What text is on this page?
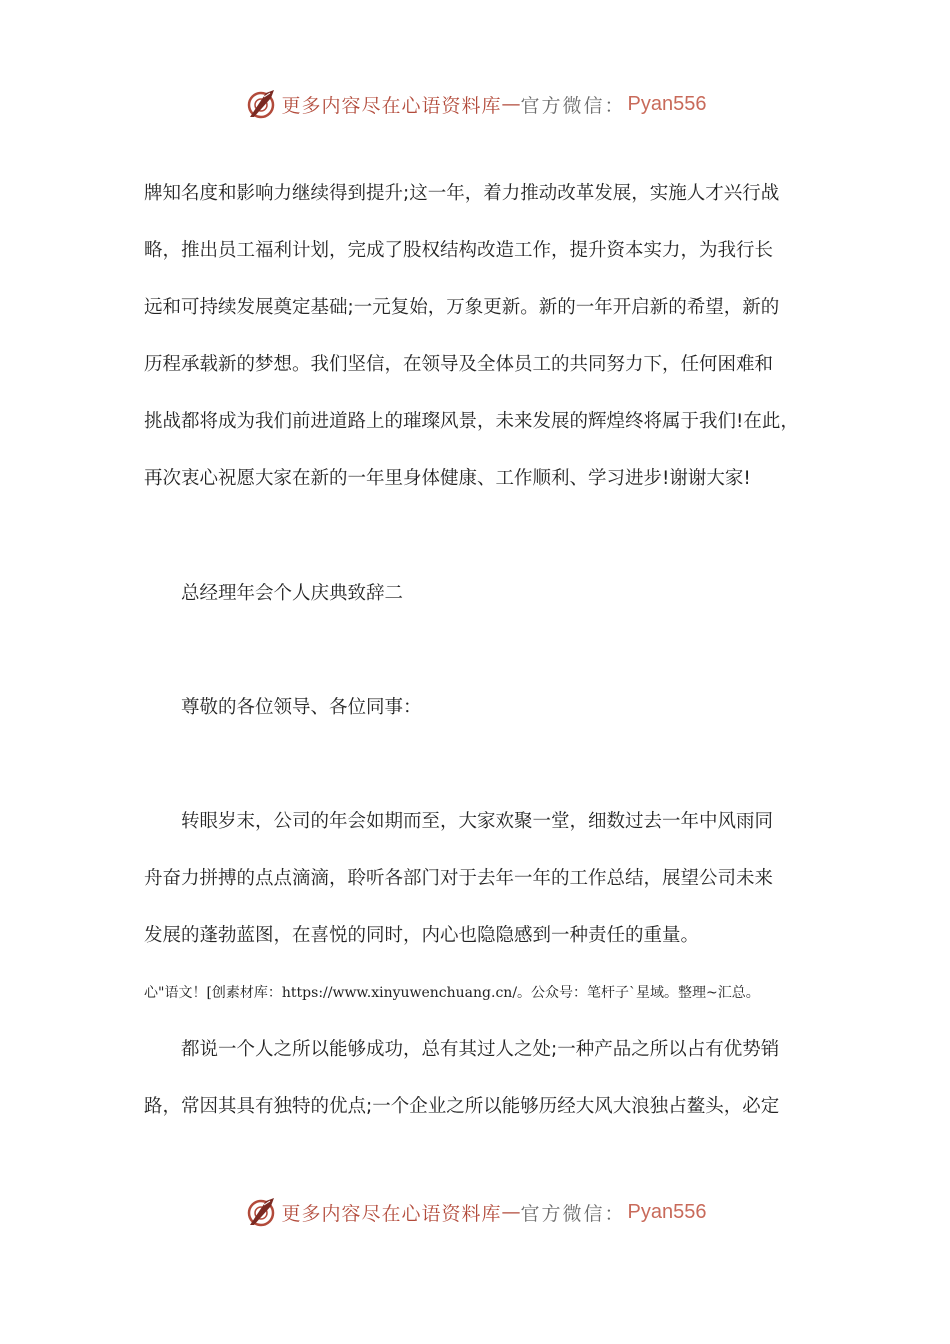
更多内容尽在心语资料库 — 官方微信： Pyan556
牌知名度和影响力继续得到提升;这一年，着力推动改革发展，实施人才兴行战
略，推出员工福利计划，完成了股权结构改造工作，提升资本实力，为我行长
远和可持续发展奠定基础;一元复始，万象更新。新的一年开启新的希望，新的
历程承载新的梦想。我们坚信，在领导及全体员工的共同努力下，任何困难和
挑战都将成为我们前进道路上的璀璨风景，未来发展的辉煌终将属于我们!在此，
再次衷心祝愿大家在新的一年里身体健康、工作顺利、学习进步!谢谢大家!
总经理年会个人庆典致辞二
尊敬的各位领导、各位同事：
转眼岁末，公司的年会如期而至，大家欢聚一堂，细数过去一年中风雨同
舟奋力拼搏的点点滴滴，聆听各部门对于去年一年的工作总结，展望公司未来
发展的蓬勃蓝图，在喜悦的同时，内心也隐隐感到一种责任的重量。
心"语文！[创素材库：https://www.xinyuwenchuang.cn/。公众号：笔杆子`星域。整理~汇总。
都说一个人之所以能够成功，总有其过人之处;一种产品之所以占有优势销
路，常因其具有独特的优点;一个企业之所以能够历经大风大浪独占鳌头，必定
更多内容尽在心语资料库 — 官方微信： Pyan556
